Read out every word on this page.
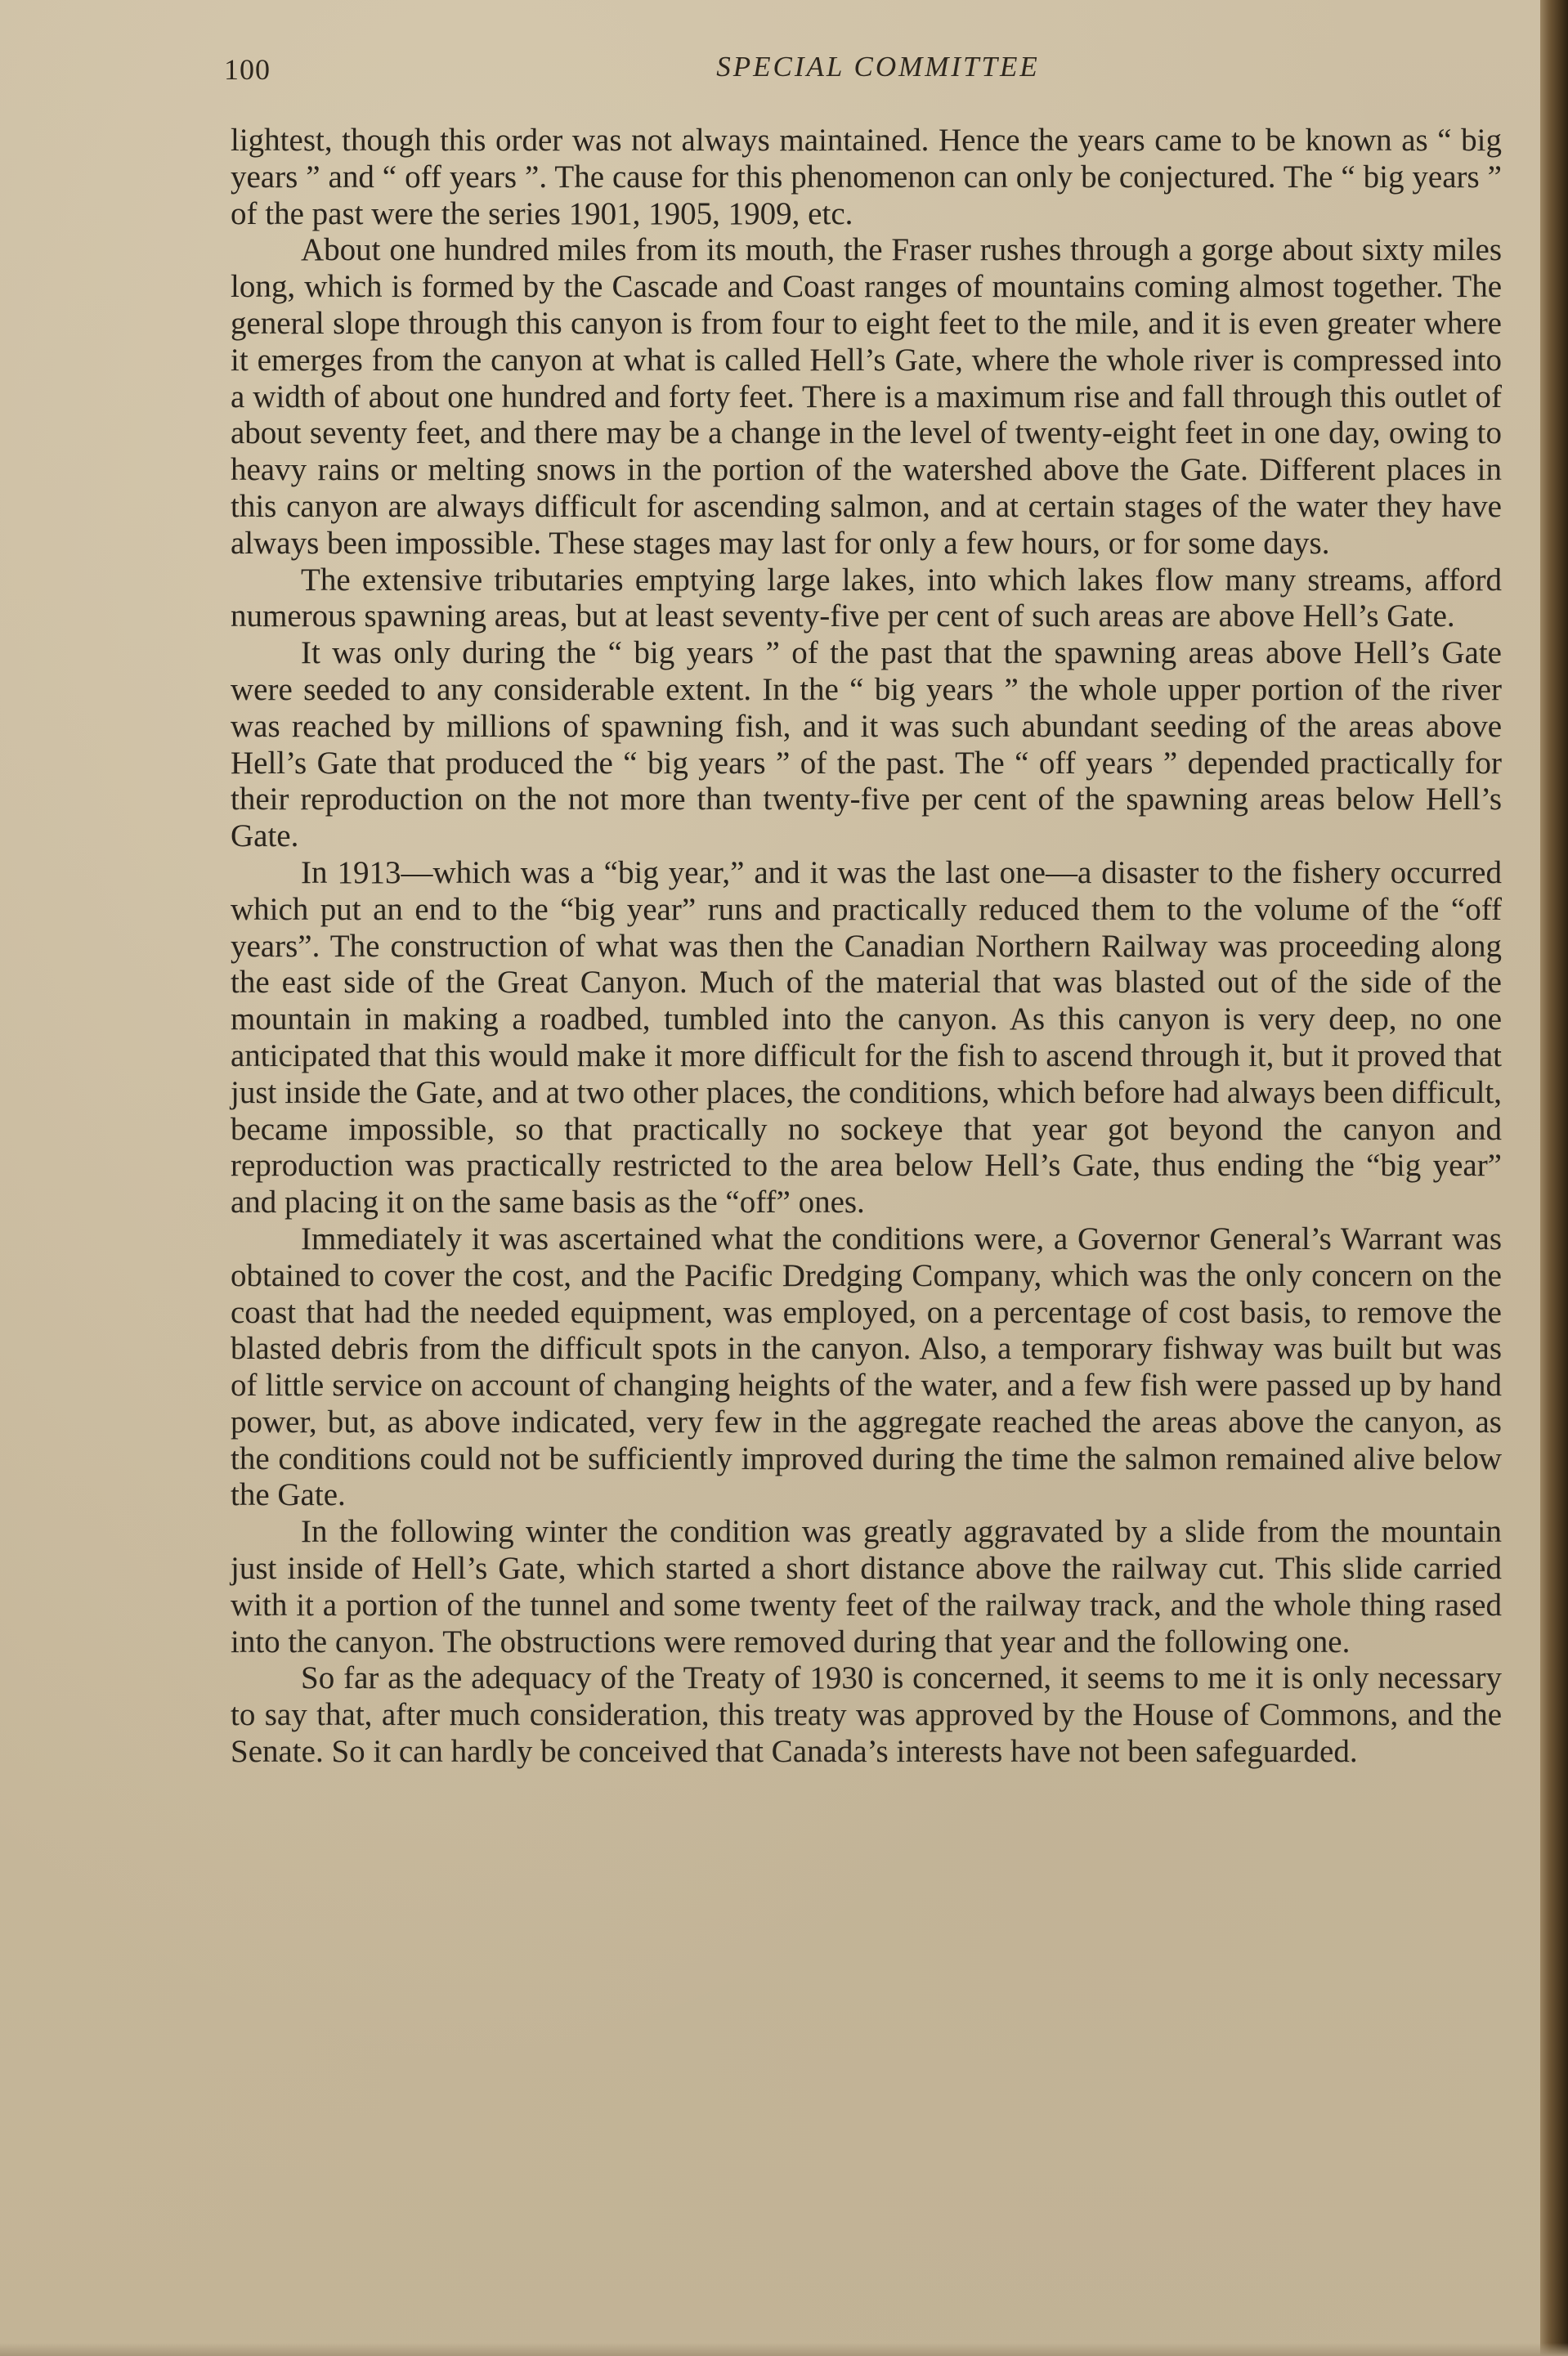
100	SPECIAL COMMITTEE

lightest, though this order was not always maintained. Hence the years came to be known as “ big years ” and “ off years ”. The cause for this phenomenon can only be conjectured. The “ big years ” of the past were the series 1901, 1905, 1909, etc.

About one hundred miles from its mouth, the Fraser rushes through a gorge about sixty miles long, which is formed by the Cascade and Coast ranges of mountains coming almost together. The general slope through this canyon is from four to eight feet to the mile, and it is even greater where it emerges from the canyon at what is called Hell’s Gate, where the whole river is compressed into a width of about one hundred and forty feet. There is a maximum rise and fall through this outlet of about seventy feet, and there may be a change in the level of twenty-eight feet in one day, owing to heavy rains or melting snows in the portion of the watershed above the Gate. Different places in this canyon are always difficult for ascending salmon, and at certain stages of the water they have always been impossible. These stages may last for only a few hours, or for some days.

The extensive tributaries emptying large lakes, into which lakes flow many streams, afford numerous spawning areas, but at least seventy-five per cent of such areas are above Hell’s Gate.

It was only during the “ big years ” of the past that the spawning areas above Hell’s Gate were seeded to any considerable extent. In the “ big years ” the whole upper portion of the river was reached by millions of spawning fish, and it was such abundant seeding of the areas above Hell’s Gate that produced the “ big years ” of the past. The “ off years ” depended practically for their reproduction on the not more than twenty-five per cent of the spawning areas below Hell’s Gate.

In 1913—which was a “big year,” and it was the last one—a disaster to the fishery occurred which put an end to the “big year” runs and practically reduced them to the volume of the “off years”. The construction of what was then the Canadian Northern Railway was proceeding along the east side of the Great Canyon. Much of the material that was blasted out of the side of the mountain in making a roadbed, tumbled into the canyon. As this canyon is very deep, no one anticipated that this would make it more difficult for the fish to ascend through it, but it proved that just inside the Gate, and at two other places, the conditions, which before had always been difficult, became impossible, so that practically no sockeye that year got beyond the canyon and reproduction was practically restricted to the area below Hell’s Gate, thus ending the “big year” and placing it on the same basis as the “off” ones.

Immediately it was ascertained what the conditions were, a Governor General’s Warrant was obtained to cover the cost, and the Pacific Dredging Company, which was the only concern on the coast that had the needed equipment, was employed, on a percentage of cost basis, to remove the blasted debris from the difficult spots in the canyon. Also, a temporary fishway was built but was of little service on account of changing heights of the water, and a few fish were passed up by hand power, but, as above indicated, very few in the aggregate reached the areas above the canyon, as the conditions could not be sufficiently improved during the time the salmon remained alive below the Gate.

In the following winter the condition was greatly aggravated by a slide from the mountain just inside of Hell’s Gate, which started a short distance above the railway cut. This slide carried with it a portion of the tunnel and some twenty feet of the railway track, and the whole thing rased into the canyon. The obstructions were removed during that year and the following one.

So far as the adequacy of the Treaty of 1930 is concerned, it seems to me it is only necessary to say that, after much consideration, this treaty was approved by the House of Commons, and the Senate. So it can hardly be conceived that Canada’s interests have not been safeguarded.
